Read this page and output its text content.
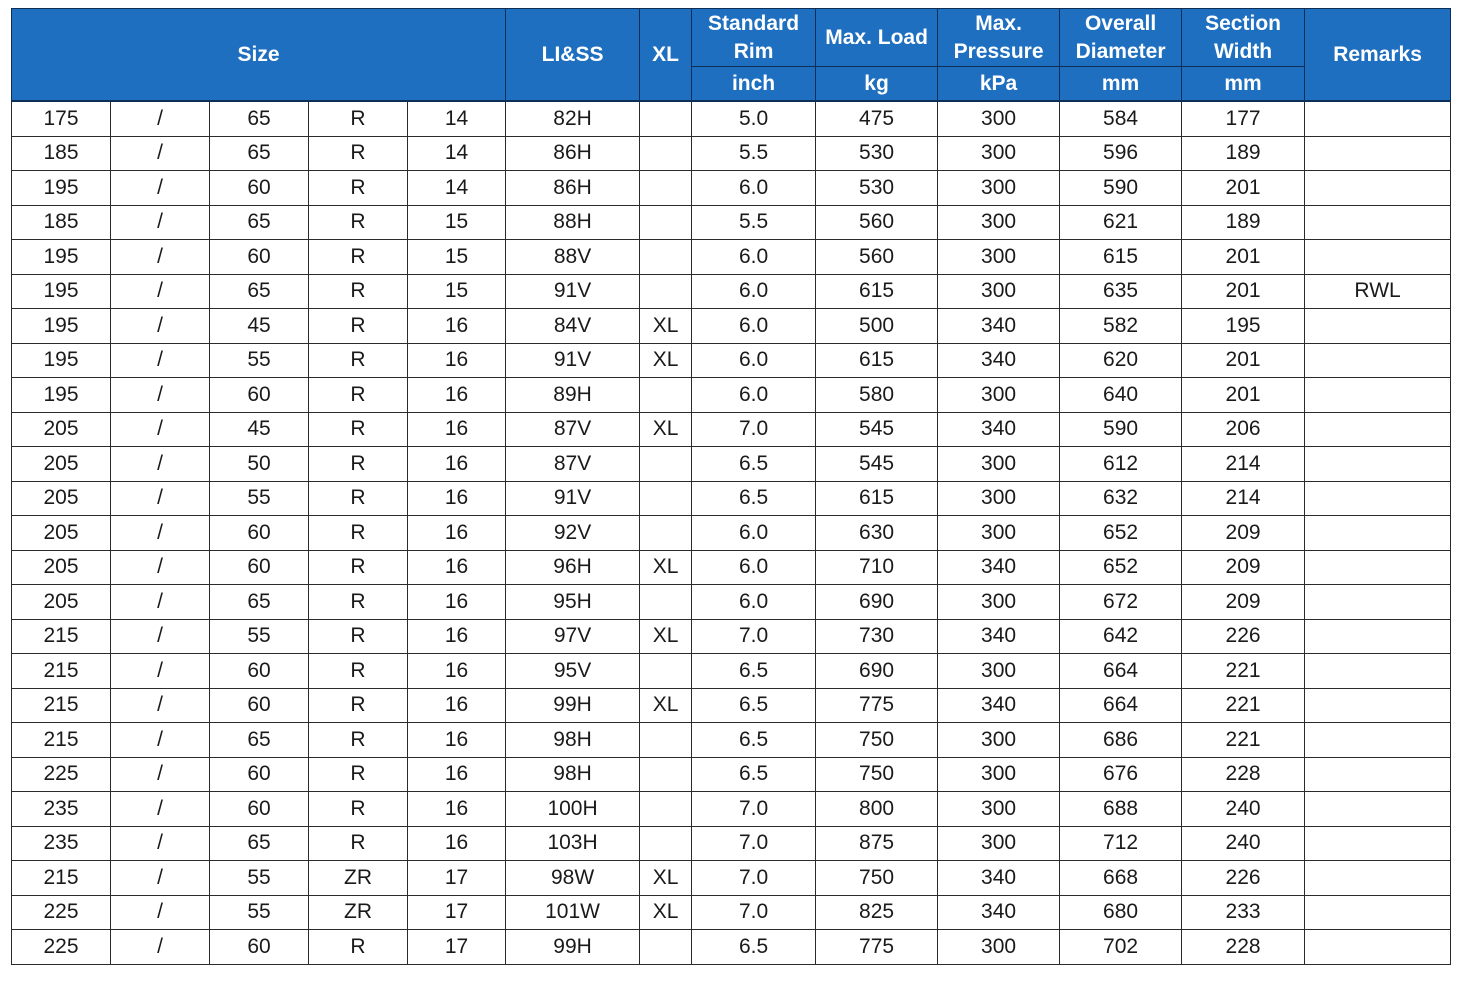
Size					LI&SS	XL	Standard Rim	Max. Load	Max. Pressure	Overall Diameter	Section Width	Remarks
							inch	kg	kPa	mm	mm	
175	/	65	R	14	82H		5.0	475	300	584	177	
185	/	65	R	14	86H		5.5	530	300	596	189	
195	/	60	R	14	86H		6.0	530	300	590	201	
185	/	65	R	15	88H		5.5	560	300	621	189	
195	/	60	R	15	88V		6.0	560	300	615	201	
195	/	65	R	15	91V		6.0	615	300	635	201	RWL
195	/	45	R	16	84V	XL	6.0	500	340	582	195	
195	/	55	R	16	91V	XL	6.0	615	340	620	201	
195	/	60	R	16	89H		6.0	580	300	640	201	
205	/	45	R	16	87V	XL	7.0	545	340	590	206	
205	/	50	R	16	87V		6.5	545	300	612	214	
205	/	55	R	16	91V		6.5	615	300	632	214	
205	/	60	R	16	92V		6.0	630	300	652	209	
205	/	60	R	16	96H	XL	6.0	710	340	652	209	
205	/	65	R	16	95H		6.0	690	300	672	209	
215	/	55	R	16	97V	XL	7.0	730	340	642	226	
215	/	60	R	16	95V		6.5	690	300	664	221	
215	/	60	R	16	99H	XL	6.5	775	340	664	221	
215	/	65	R	16	98H		6.5	750	300	686	221	
225	/	60	R	16	98H		6.5	750	300	676	228	
235	/	60	R	16	100H		7.0	800	300	688	240	
235	/	65	R	16	103H		7.0	875	300	712	240	
215	/	55	ZR	17	98W	XL	7.0	750	340	668	226	
225	/	55	ZR	17	101W	XL	7.0	825	340	680	233	
225	/	60	R	17	99H		6.5	775	300	702	228	
